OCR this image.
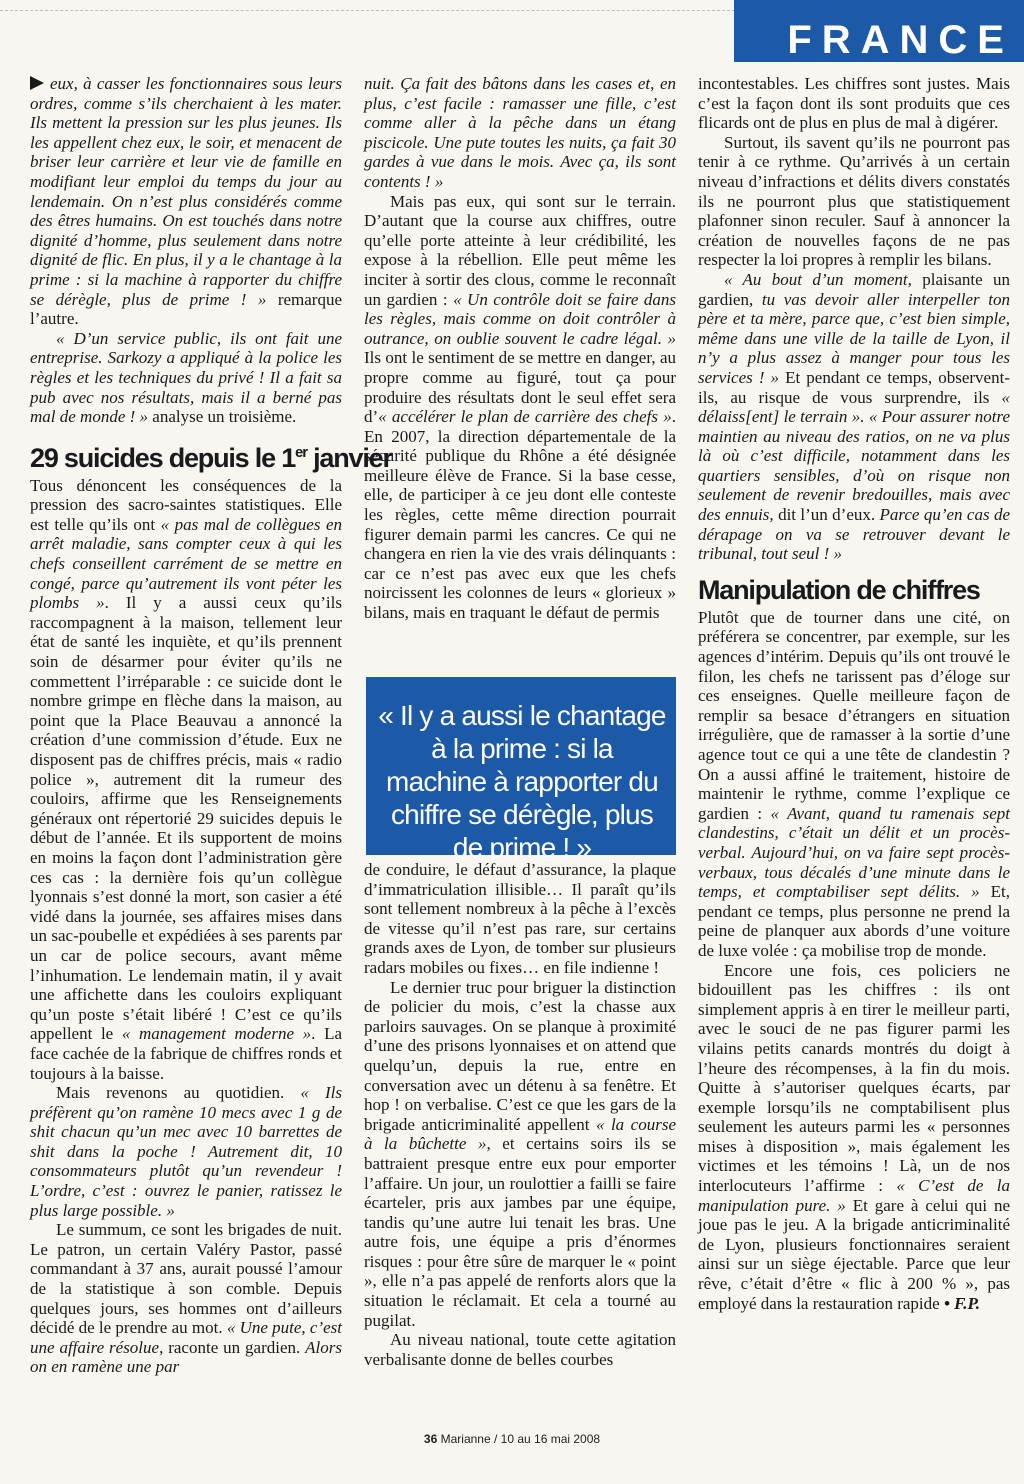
FRANCE

eux, à casser les fonctionnaires sous leurs ordres, comme s’ils cherchaient à les mater. Ils mettent la pression sur les plus jeunes. Ils les appellent chez eux, le soir, et menacent de briser leur carrière et leur vie de famille en modifiant leur emploi du temps du jour au lendemain. On n’est plus considérés comme des êtres humains. On est touchés dans notre dignité d’homme, plus seulement dans notre dignité de flic. En plus, il y a le chantage à la prime : si la machine à rapporter du chiffre se dérègle, plus de prime ! » remarque l’autre.

« D’un service public, ils ont fait une entreprise. Sarkozy a appliqué à la police les règles et les techniques du privé ! Il a fait sa pub avec nos résultats, mais il a berné pas mal de monde ! » analyse un troisième.

29 suicides depuis le 1er janvier

Tous dénoncent les conséquences de la pression des sacro-saintes statistiques. Elle est telle qu’ils ont « pas mal de collègues en arrêt maladie, sans compter ceux à qui les chefs conseillent carrément de se mettre en congé, parce qu’autrement ils vont péter les plombs ». Il y a aussi ceux qu’ils raccompagnent à la maison, tellement leur état de santé les inquiète, et qu’ils prennent soin de désarmer pour éviter qu’ils ne commettent l’irréparable : ce suicide dont le nombre grimpe en flèche dans la maison, au point que la Place Beauvau a annoncé la création d’une commission d’étude. Eux ne disposent pas de chiffres précis, mais « radio police », autrement dit la rumeur des couloirs, affirme que les Renseignements généraux ont répertorié 29 suicides depuis le début de l’année. Et ils supportent de moins en moins la façon dont l’administration gère ces cas : la dernière fois qu’un collègue lyonnais s’est donné la mort, son casier a été vidé dans la journée, ses affaires mises dans un sac-poubelle et expédiées à ses parents par un car de police secours, avant même l’inhumation. Le lendemain matin, il y avait une affichette dans les couloirs expliquant qu’un poste s’était libéré ! C’est ce qu’ils appellent le « management moderne ». La face cachée de la fabrique de chiffres ronds et toujours à la baisse.

Mais revenons au quotidien. « Ils préfèrent qu’on ramène 10 mecs avec 1 g de shit chacun qu’un mec avec 10 barrettes de shit dans la poche ! Autrement dit, 10 consommateurs plutôt qu’un revendeur ! L’ordre, c’est : ouvrez le panier, ratissez le plus large possible. »

Le summum, ce sont les brigades de nuit. Le patron, un certain Valéry Pastor, passé commandant à 37 ans, aurait poussé l’amour de la statistique à son comble. Depuis quelques jours, ses hommes ont d’ailleurs décidé de le prendre au mot. « Une pute, c’est une affaire résolue, raconte un gardien. Alors on en ramène une par

nuit. Ça fait des bâtons dans les cases et, en plus, c’est facile : ramasser une fille, c’est comme aller à la pêche dans un étang piscicole. Une pute toutes les nuits, ça fait 30 gardes à vue dans le mois. Avec ça, ils sont contents ! »

Mais pas eux, qui sont sur le terrain. D’autant que la course aux chiffres, outre qu’elle porte atteinte à leur crédibilité, les expose à la rébellion. Elle peut même les inciter à sortir des clous, comme le reconnaît un gardien : « Un contrôle doit se faire dans les règles, mais comme on doit contrôler à outrance, on oublie souvent le cadre légal. » Ils ont le sentiment de se mettre en danger, au propre comme au figuré, tout ça pour produire des résultats dont le seul effet sera d’« accélérer le plan de carrière des chefs ». En 2007, la direction départementale de la sécurité publique du Rhône a été désignée meilleure élève de France. Si la base cesse, elle, de participer à ce jeu dont elle conteste les règles, cette même direction pourrait figurer demain parmi les cancres. Ce qui ne changera en rien la vie des vrais délinquants : car ce n’est pas avec eux que les chefs noircissent les colonnes de leurs « glorieux » bilans, mais en traquant le défaut de permis

« Il y a aussi le chantage à la prime : si la machine à rapporter du chiffre se dérègle, plus de prime ! »

de conduire, le défaut d’assurance, la plaque d’immatriculation illisible… Il paraît qu’ils sont tellement nombreux à la pêche à l’excès de vitesse qu’il n’est pas rare, sur certains grands axes de Lyon, de tomber sur plusieurs radars mobiles ou fixes… en file indienne !

Le dernier truc pour briguer la distinction de policier du mois, c’est la chasse aux parloirs sauvages. On se planque à proximité d’une des prisons lyonnaises et on attend que quelqu’un, depuis la rue, entre en conversation avec un détenu à sa fenêtre. Et hop ! on verbalise. C’est ce que les gars de la brigade anticriminalité appellent « la course à la bûchette », et certains soirs ils se battraient presque entre eux pour emporter l’affaire. Un jour, un roulottier a failli se faire écarteler, pris aux jambes par une équipe, tandis qu’une autre lui tenait les bras. Une autre fois, une équipe a pris d’énormes risques : pour être sûre de marquer le « point », elle n’a pas appelé de renforts alors que la situation le réclamait. Et cela a tourné au pugilat.

Au niveau national, toute cette agitation verbalisante donne de belles courbes

incontestables. Les chiffres sont justes. Mais c’est la façon dont ils sont produits que ces flicards ont de plus en plus de mal à digérer.

Surtout, ils savent qu’ils ne pourront pas tenir à ce rythme. Qu’arrivés à un certain niveau d’infractions et délits divers constatés ils ne pourront plus que statistiquement plafonner sinon reculer. Sauf à annoncer la création de nouvelles façons de ne pas respecter la loi propres à remplir les bilans.

« Au bout d’un moment, plaisante un gardien, tu vas devoir aller interpeller ton père et ta mère, parce que, c’est bien simple, même dans une ville de la taille de Lyon, il n’y a plus assez à manger pour tous les services ! » Et pendant ce temps, observent-ils, au risque de vous surprendre, ils « délaiss[ent] le terrain ». « Pour assurer notre maintien au niveau des ratios, on ne va plus là où c’est difficile, notamment dans les quartiers sensibles, d’où on risque non seulement de revenir bredouilles, mais avec des ennuis, dit l’un d’eux. Parce qu’en cas de dérapage on va se retrouver devant le tribunal, tout seul ! »

Manipulation de chiffres

Plutôt que de tourner dans une cité, on préférera se concentrer, par exemple, sur les agences d’intérim. Depuis qu’ils ont trouvé le filon, les chefs ne tarissent pas d’éloge sur ces enseignes. Quelle meilleure façon de remplir sa besace d’étrangers en situation irrégulière, que de ramasser à la sortie d’une agence tout ce qui a une tête de clandestin ? On a aussi affiné le traitement, histoire de maintenir le rythme, comme l’explique ce gardien : « Avant, quand tu ramenais sept clandestins, c’était un délit et un procès-verbal. Aujourd’hui, on va faire sept procès-verbaux, tous décalés d’une minute dans le temps, et comptabiliser sept délits. » Et, pendant ce temps, plus personne ne prend la peine de planquer aux abords d’une voiture de luxe volée : ça mobilise trop de monde.

Encore une fois, ces policiers ne bidouillent pas les chiffres : ils ont simplement appris à en tirer le meilleur parti, avec le souci de ne pas figurer parmi les vilains petits canards montrés du doigt à l’heure des récompenses, à la fin du mois. Quitte à s’autoriser quelques écarts, par exemple lorsqu’ils ne comptabilisent plus seulement les auteurs parmi les « personnes mises à disposition », mais également les victimes et les témoins ! Là, un de nos interlocuteurs l’affirme : « C’est de la manipulation pure. » Et gare à celui qui ne joue pas le jeu. A la brigade anticriminalité de Lyon, plusieurs fonctionnaires seraient ainsi sur un siège éjectable. Parce que leur rêve, c’était d’être « flic à 200 % », pas employé dans la restauration rapide • F.P.

36 Marianne / 10 au 16 mai 2008
